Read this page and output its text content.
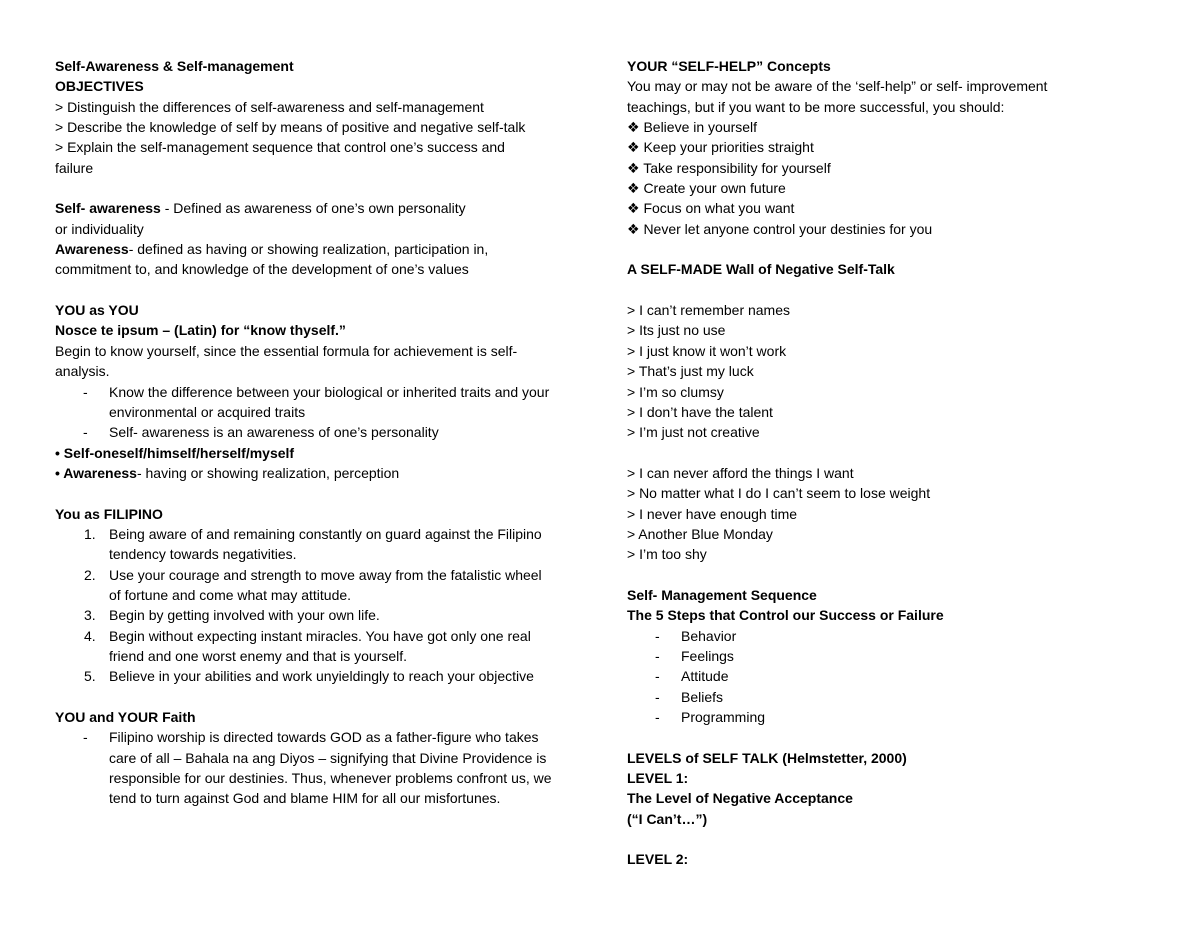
Self-Awareness & Self-management
OBJECTIVES
> Distinguish the differences of self-awareness and self-management
> Describe the knowledge of self by means of positive and negative self-talk
> Explain the self-management sequence that control one’s success and
failure
Self- awareness - Defined as awareness of one’s own personality
or individuality
Awareness- defined as having or showing realization, participation in,
commitment to, and knowledge of the development of one’s values
YOU as YOU
Nosce te ipsum – (Latin) for “know thyself.”
Begin to know yourself, since the essential formula for achievement is self-
analysis.
-	Know the difference between your biological or inherited traits and your environmental or acquired traits
-	Self- awareness is an awareness of one’s personality
• Self-oneself/himself/herself/myself
• Awareness- having or showing realization, perception
You as FILIPINO
1. Being aware of and remaining constantly on guard against the Filipino tendency towards negativities.
2. Use your courage and strength to move away from the fatalistic wheel of fortune and come what may attitude.
3. Begin by getting involved with your own life.
4. Begin without expecting instant miracles. You have got only one real friend and one worst enemy and that is yourself.
5. Believe in your abilities and work unyieldingly to reach your objective
YOU and YOUR Faith
-	Filipino worship is directed towards GOD as a father-figure who takes care of all – Bahala na ang Diyos – signifying that Divine Providence is responsible for our destinies. Thus, whenever problems confront us, we tend to turn against God and blame HIM for all our misfortunes.
YOUR “SELF-HELP” Concepts
You may or may not be aware of the ‘self-help” or self- improvement
teachings, but if you want to be more successful, you should:
❖ Believe in yourself
❖ Keep your priorities straight
❖ Take responsibility for yourself
❖ Create your own future
❖ Focus on what you want
❖ Never let anyone control your destinies for you
A SELF-MADE Wall of Negative Self-Talk
> I can’t remember names
> Its just no use
> I just know it won’t work
> That’s just my luck
> I’m so clumsy
> I don’t have the talent
> I’m just not creative
> I can never afford the things I want
> No matter what I do I can’t seem to lose weight
> I never have enough time
> Another Blue Monday
> I’m too shy
Self- Management Sequence
The 5 Steps that Control our Success or Failure
-	Behavior
-	Feelings
-	Attitude
-	Beliefs
-	Programming
LEVELS of SELF TALK (Helmstetter, 2000)
LEVEL 1:
The Level of Negative Acceptance
(“I Can’t…”)
LEVEL 2:
